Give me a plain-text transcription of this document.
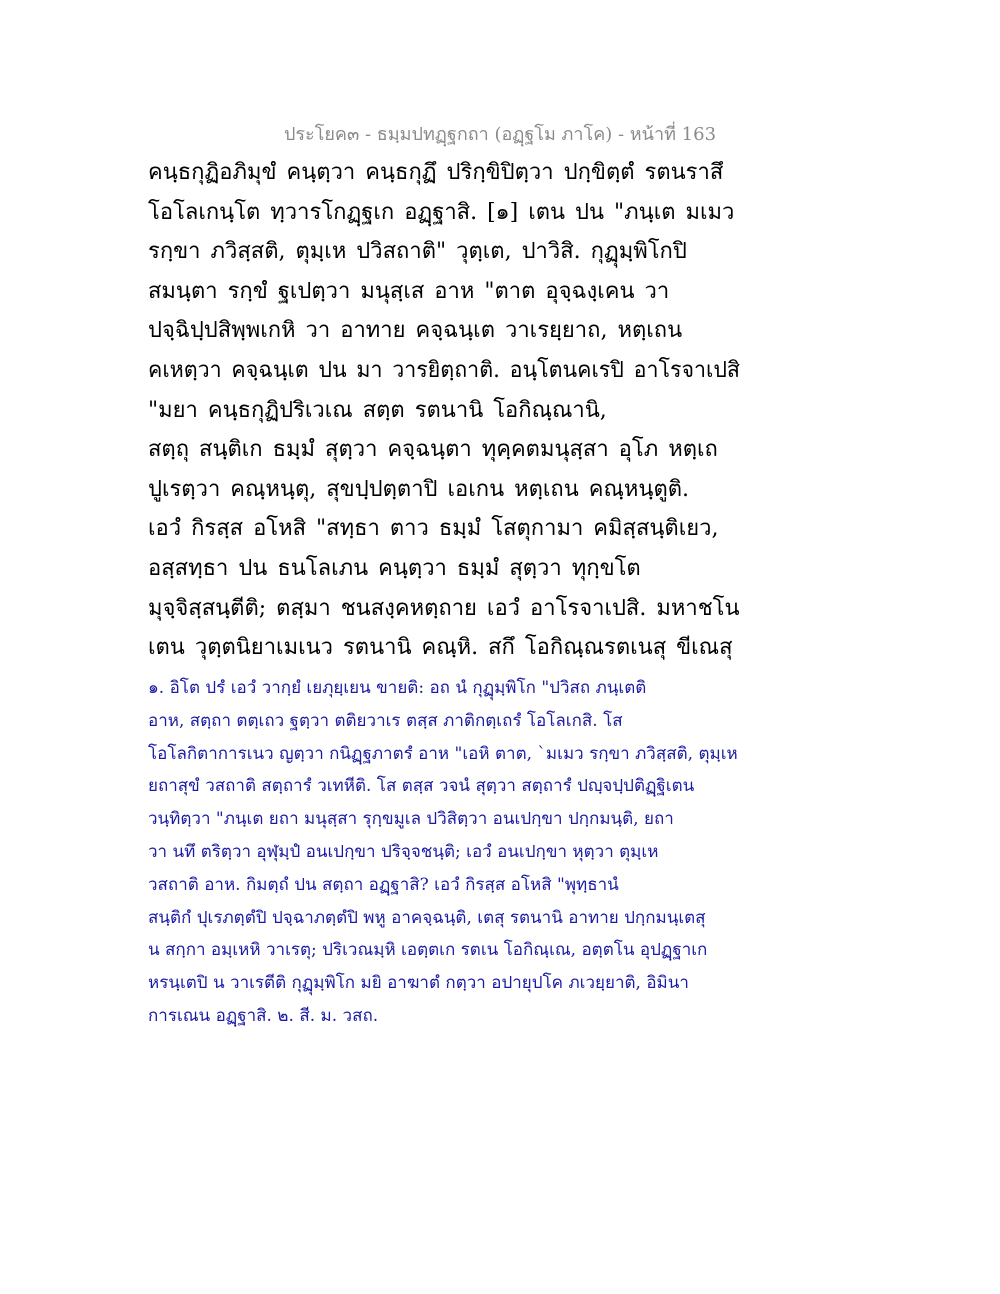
ประโยค๓ - ธมฺมปทฏฺฐกถา (อฏฺฐโม ภาโค) - หน้าที่ 163
คนฺธกุฏิอภิมุขํ คนฺตฺวา คนฺธกุฏึ ปริกฺขิปิตฺวา ปกฺขิตฺตํ รตนราสึ
โอโลเกนฺโต ทฺวารโกฏฺฐเก อฏฺฐาสิ. [๑] เตน ปน "ภนฺเต มเมว
รกฺขา ภวิสฺสติ, ตุมฺเห ปวิสถาติ" วุตฺเต, ปาวิสิ. กุฏุมฺพิโกปิ
สมนฺตา รกฺขํ ฐเปตฺวา มนุสฺเส อาห "ตาต อุจฺฉงฺเคน วา
ปจฺฉิปฺปสิพฺพเกหิ วา อาทาย คจฺฉนฺเต วาเรยฺยาถ, หตฺเถน
คเหตฺวา คจฺฉนฺเต ปน มา วารยิตฺถาติ. อนฺโตนคเรปิ อาโรจาเปสิ
"มยา คนฺธกุฏิปริเวเณ สตฺต รตนานิ โอกิณฺณานิ,
สตฺถุ สนฺติเก ธมฺมํ สุตฺวา คจฺฉนฺตา ทุคฺคตมนุสฺสา อุโภ หตฺเถ
ปูเรตฺวา คณฺหนฺตุ, สุขปฺปตฺตาปิ เอเกน หตฺเถน คณฺหนฺตูติ.
เอวํ กิรสฺส อโหสิ "สทฺธา ตาว ธมฺมํ โสตุกามา คมิสฺสนฺติเยว,
อสฺสทฺธา ปน ธนโลเภน คนฺตฺวา ธมฺมํ สุตฺวา ทุกฺขโต
มุจฺจิสฺสนฺตีติ; ตสฺมา ชนสงฺคหตฺถาย เอวํ อาโรจาเปสิ. มหาชโน
เตน วุตฺตนิยาเมเนว รตนานิ คณฺหิ. สกึ โอกิณฺณรตเนสุ ขีเณสุ
๑. อิโต ปรํ เอวํ วากฺยํ เยภุยฺเยน ขายติ: อถ นํ กุฏุมฺพิโก "ปวิสถ ภนฺเตติ
อาห, สตฺถา ตตฺเถว ฐตฺวา ตติยวาเร ตสฺส ภาติกตฺเถรํ โอโลเกสิ. โส
โอโลกิตาการเนว ญตฺวา กนิฏฺฐภาตรํ อาห "เอหิ ตาต, `มเมว รกฺขา ภวิสฺสติ, ตุมฺเห
ยถาสุขํ วสถาติ สตฺถารํ วเทหีติ. โส ตสฺส วจนํ สุตฺวา สตฺถารํ ปญฺจปฺปติฏฺฐิเตน
วนฺทิตฺวา "ภนฺเต ยถา มนุสฺสา รุกฺขมูเล ปวิสิตฺวา อนเปกฺขา ปกฺกมนฺติ, ยถา
วา นทึ ตริตฺวา อุฬุมฺปํ อนเปกฺขา ปริจฺจชนฺติ; เอวํ อนเปกฺขา หุตฺวา ตุมฺเห
วสถาติ อาห. กิมตฺถํ ปน สตฺถา อฏฺฐาสิ? เอวํ กิรสฺส อโหสิ "พุทฺธานํ
สนฺติกํ ปุเรภตฺตํปิ ปจฺฉาภตฺตํปิ พหู อาคจฺฉนฺติ, เตสุ รตนานิ อาทาย ปกฺกมนฺเตสุ
น สกฺกา อมฺเหหิ วาเรตุ; ปริเวณมฺหิ เอตฺตเก รตเน โอกิณฺเณ, อตฺตโน อุปฏฺฐาเก
หรนฺเตปิ น วาเรตีติ กุฏุมฺพิโก มยิ อาฆาตํ กตฺวา อปายุปโค ภเวยฺยาติ, อิมินา
การเณน อฏฺฐาสิ. ๒. สี. ม. วสถ.
